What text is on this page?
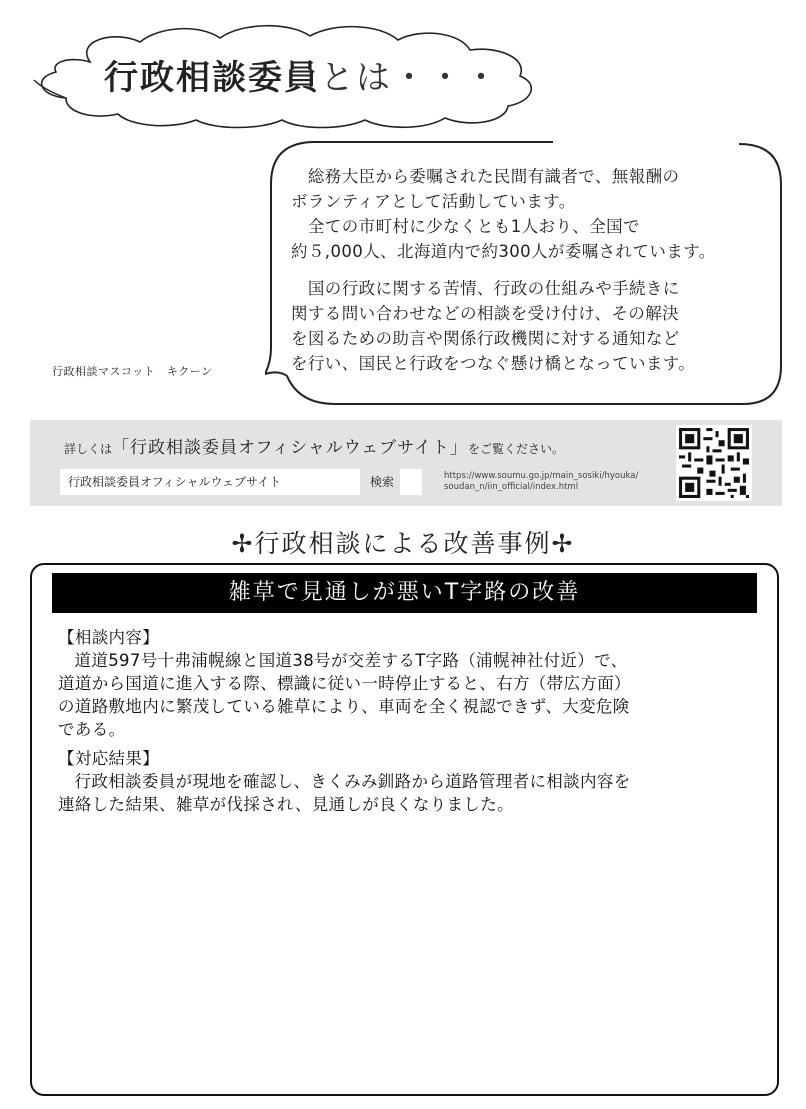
行政相談委員とは・・・

　総務大臣から委嘱された民間有識者で、無報酬の

ボランティアとして活動しています。

　全ての市町村に少なくとも1人おり、全国で

約５,000人、北海道内で約300人が委嘱されています。

　国の行政に関する苦情、行政の仕組みや手続きに

関する問い合わせなどの相談を受け付け、その解決

を図るための助言や関係行政機関に対する通知など

を行い、国民と行政をつなぐ懸け橋となっています。

行政相談マスコット　キクーン
詳しくは「行政相談委員オフィシャルウェブサイト」をご覧ください。
行政相談委員オフィシャルウェブサイト
検索	https://www.soumu.go.jp/main_sosiki/hyouka/
soudan_n/iin_official/index.html
✢行政相談による改善事例✢
雑草で見通しが悪いT字路の改善

【相談内容】

道道597号十弗浦幌線と国道38号が交差するT字路（浦幌神社付近）で、

道道から国道に進入する際、標識に従い一時停止すると、右方（帯広方面）

の道路敷地内に繁茂している雑草により、車両を全く視認できず、大変危険

である。

【対応結果】

行政相談委員が現地を確認し、きくみみ釧路から道路管理者に相談内容を

連絡した結果、雑草が伐採され、見通しが良くなりました。
